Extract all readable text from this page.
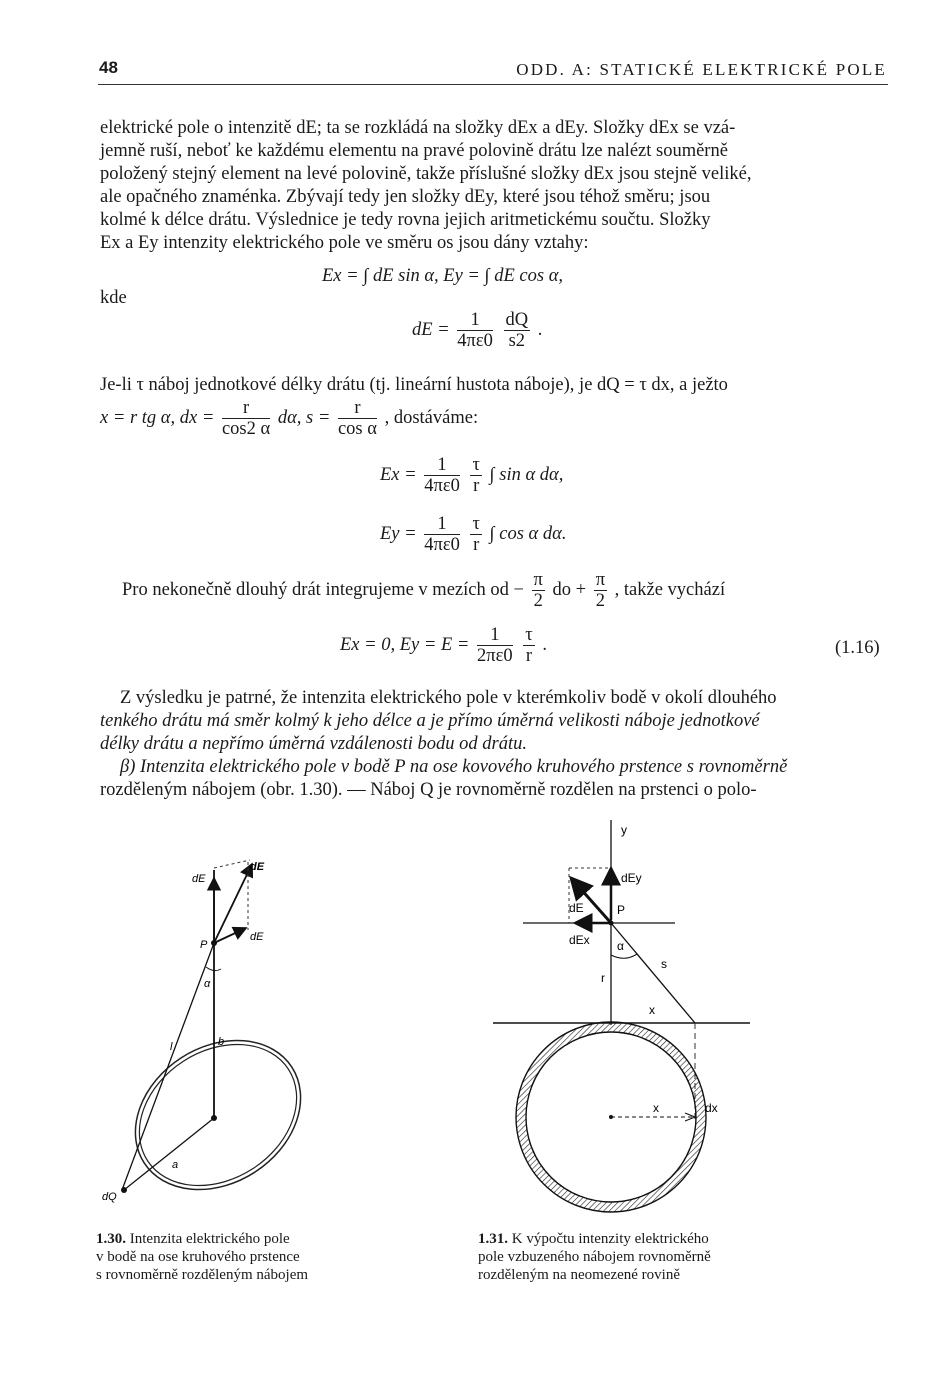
48	ODD. A: STATICKÉ ELEKTRICKÉ POLE
elektrické pole o intenzitě dE; ta se rozkládá na složky dEx a dEy. Složky dEx se vzá-
jemně ruší, neboť ke každému elementu na pravé polovině drátu lze nalézt souměrně
položený stejný element na levé polovině, takže příslušné složky dEx jsou stejně veliké,
ale opačného znaménka. Zbývají tedy jen složky dEy, které jsou téhož směru; jsou
kolmé k délce drátu. Výslednice je tedy rovna jejich aritmetickému součtu. Složky
Ex a Ey intenzity elektrického pole ve směru os jsou dány vztahy:
Ex = ∫ dE sin α, Ey = ∫ dE cos α,
kde
dE = $\frac{1}{4\pi\varepsilon 0}$
$\frac{dQ}{s2}$ .
Je-li τ náboj jednotkové délky drátu (tj. lineární hustota náboje), je dQ = τ dx, a ježto
x = r tg α, dx = $\frac{r}{\cos 2 \alpha} d\alpha$, $s = \frac{r}{\text{cos α}}$ , dostáváme:
$Ex = \frac{1}{4\pi\varepsilon 0}$
$\frac{\tau}{r}$ ∫ sin α dα,
$Ey = \frac{1}{4\pi\varepsilon 0}$
$\frac{\tau}{r}$ ∫ cos α dα.
Pro nekonečně dlouhý drát integrujeme v mezích od − $\frac{\pi}{2}$ do + $\frac{\pi}{2}$ , takže vychází
Ex = 0, $Ey = E = \frac{1}{2\pi\varepsilon 0}$
$\frac{\tau}{r}$ .	(1.16)
Z výsledku je patrné, že intenzita elektrického pole v kterémkoliv bodě v okolí dlouhého
tenkého drátu má směr kolmý k jeho délce a je přímo úměrná velikosti náboje jednotkové
délky drátu a nepřímo úměrná vzdálenosti bodu od drátu.
β) Intenzita elektrického pole v bodě P na ose kovového kruhového prstence s rovnoměrně
rozděleným nábojem (obr. 1.30). — Náboj Q je rovnoměrně rozdělen na prstenci o polo-
dE
dE
P
dE
α
l	b
a
dQ
1.30. Intenzita elektrického pole
v bodě na ose kruhového prstence
s rovnoměrně rozděleným nábojem
y
dE
dEy
P
dEx α
s
r
x
x	dx
1.31. K výpočtu intenzity elektrického
pole vzbuzeného nábojem rovnoměrně
rozděleným na neomezené rovině
